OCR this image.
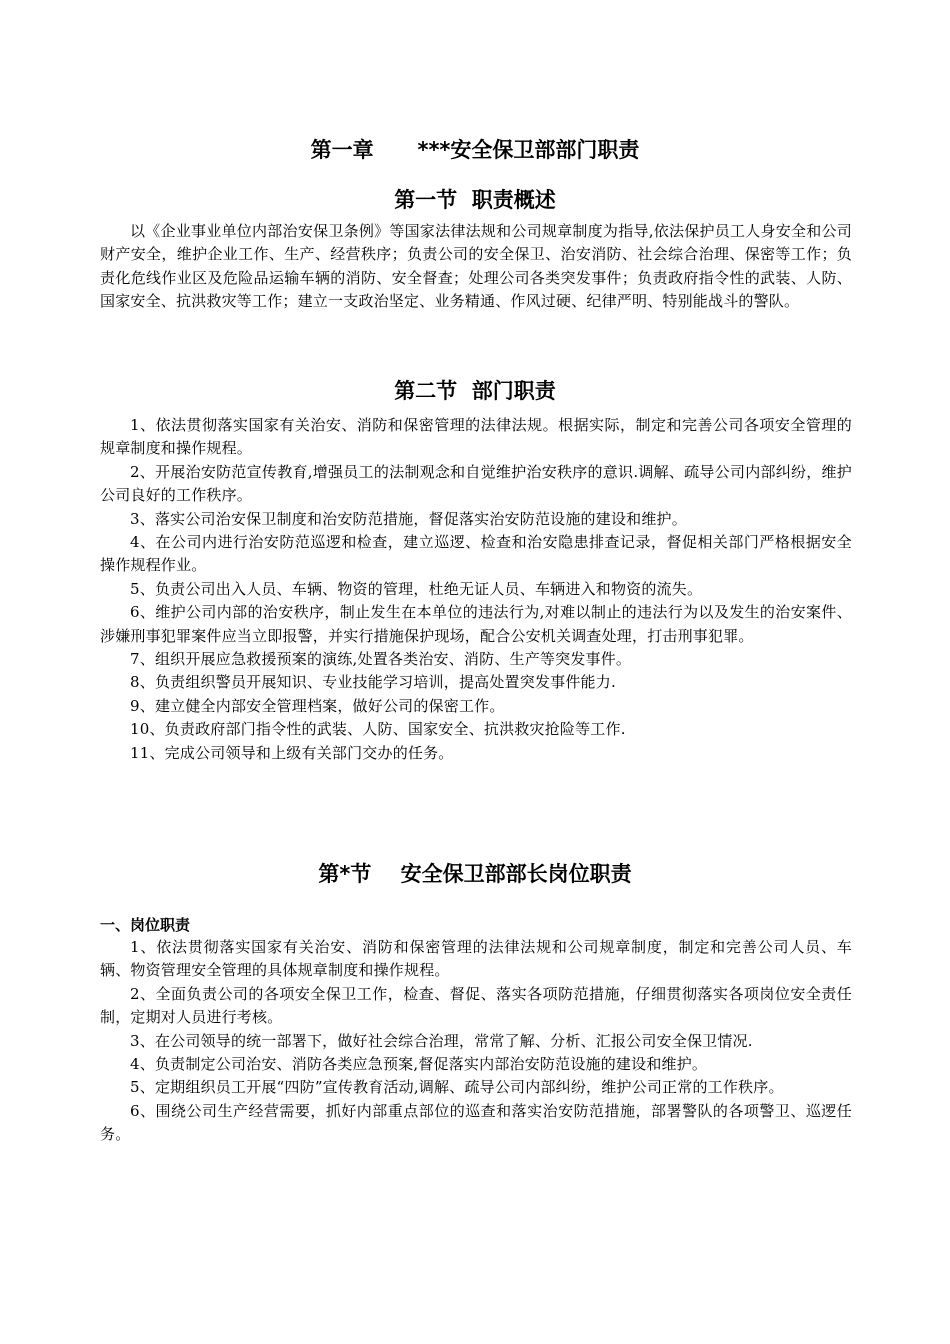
第一章      ***安全保卫部部门职责
第一节  职责概述

以《企业事业单位内部治安保卫条例》等国家法律法规和公司规章制度为指导,依法保护员工人身安全和公司财产安全，维护企业工作、生产、经营秩序；负责公司的安全保卫、治安消防、社会综合治理、保密等工作；负责化危线作业区及危险品运输车辆的消防、安全督查；处理公司各类突发事件；负责政府指令性的武装、人防、国家安全、抗洪救灾等工作；建立一支政治坚定、业务精通、作风过硬、纪律严明、特别能战斗的警队。

第二节  部门职责

1、依法贯彻落实国家有关治安、消防和保密管理的法律法规。根据实际，制定和完善公司各项安全管理的规章制度和操作规程。

2、开展治安防范宣传教育,增强员工的法制观念和自觉维护治安秩序的意识.调解、疏导公司内部纠纷，维护公司良好的工作秩序。

3、落实公司治安保卫制度和治安防范措施，督促落实治安防范设施的建设和维护。

4、在公司内进行治安防范巡逻和检查，建立巡逻、检查和治安隐患排查记录，督促相关部门严格根据安全操作规程作业。

5、负责公司出入人员、车辆、物资的管理，杜绝无证人员、车辆进入和物资的流失。

6、维护公司内部的治安秩序，制止发生在本单位的违法行为,对难以制止的违法行为以及发生的治安案件、涉嫌刑事犯罪案件应当立即报警，并实行措施保护现场，配合公安机关调查处理，打击刑事犯罪。

7、组织开展应急救援预案的演练,处置各类治安、消防、生产等突发事件。

8、负责组织警员开展知识、专业技能学习培训，提高处置突发事件能力.

9、建立健全内部安全管理档案，做好公司的保密工作。

10、负责政府部门指令性的武装、人防、国家安全、抗洪救灾抢险等工作.

11、完成公司领导和上级有关部门交办的任务。

第*节    安全保卫部部长岗位职责
一、岗位职责

1、依法贯彻落实国家有关治安、消防和保密管理的法律法规和公司规章制度，制定和完善公司人员、车辆、物资管理安全管理的具体规章制度和操作规程。

2、全面负责公司的各项安全保卫工作，检查、督促、落实各项防范措施，仔细贯彻落实各项岗位安全责任制，定期对人员进行考核。

3、在公司领导的统一部署下，做好社会综合治理，常常了解、分析、汇报公司安全保卫情况.

4、负责制定公司治安、消防各类应急预案,督促落实内部治安防范设施的建设和维护。

5、定期组织员工开展“四防”宣传教育活动,调解、疏导公司内部纠纷，维护公司正常的工作秩序。

6、围绕公司生产经营需要，抓好内部重点部位的巡查和落实治安防范措施，部署警队的各项警卫、巡逻任务。
